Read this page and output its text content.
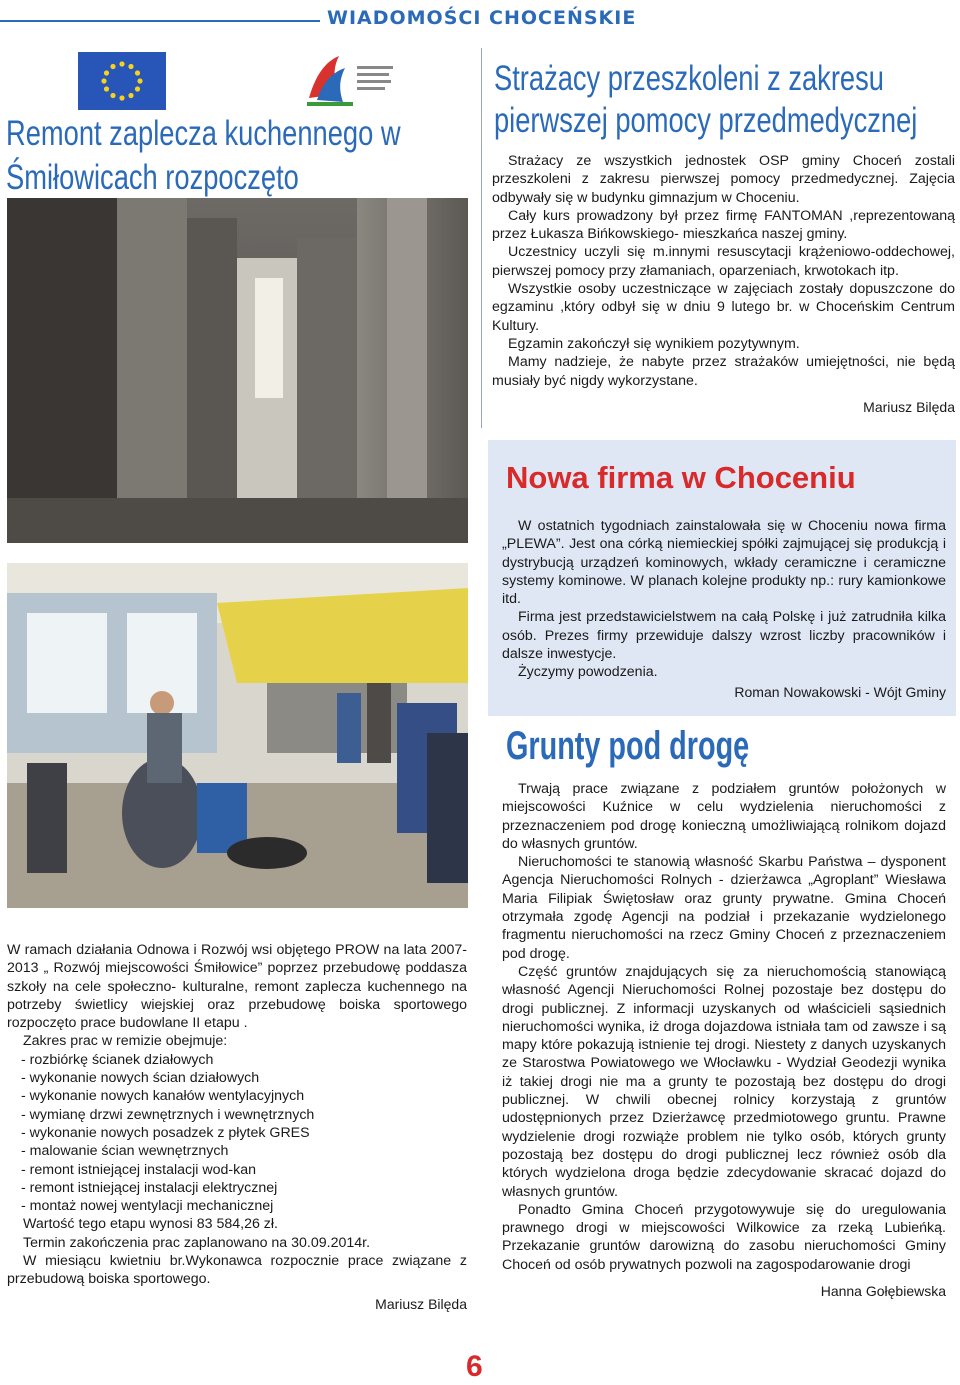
WIADOMOŚCI CHOCEŃSKIE
Remont zaplecza kuchennego w
Śmiłowicach rozpoczęto

W ramach działania Odnowa i Rozwój wsi objętego PROW na lata 2007-2013 „ Rozwój miejscowości Śmiłowice” poprzez przebudowę poddasza szkoły na cele społeczno- kulturalne, remont zaplecza kuchennego na potrzeby świetlicy wiejskiej oraz przebudowę boiska sportowego rozpoczęto prace budowlane II etapu .

Zakres prac w remizie obejmuje:

- rozbiórkę ścianek działowych
- wykonanie nowych ścian działowych
- wykonanie nowych kanałów wentylacyjnych
- wymianę drzwi zewnętrznych i wewnętrznych
- wykonanie nowych posadzek z płytek GRES
- malowanie ścian wewnętrznych
- remont istniejącej instalacji wod-kan
- remont istniejącej instalacji elektrycznej
- montaż nowej wentylacji mechanicznej

Wartość tego etapu wynosi 83 584,26 zł.

Termin zakończenia prac zaplanowano na 30.09.2014r.

W miesiącu kwietniu br.Wykonawca rozpocznie prace związane z przebudową boiska sportowego.

Mariusz Bilęda
Strażacy przeszkoleni z zakresu
pierwszej pomocy przedmedycznej

Strażacy ze wszystkich jednostek OSP gminy Choceń zostali przeszkoleni z zakresu pierwszej pomocy przedmedycznej. Zajęcia odbywały się w budynku gimnazjum w Choceniu.

Cały kurs prowadzony był przez firmę FANTOMAN ,reprezentowaną przez Łukasza Bińkowskiego- mieszkańca naszej gminy.

Uczestnicy uczyli się m.innymi resuscytacji krążeniowo-oddechowej, pierwszej pomocy przy złamaniach, oparzeniach, krwotokach itp.

Wszystkie osoby uczestniczące w zajęciach zostały dopuszczone do egzaminu ,który odbył się w dniu 9 lutego br. w Choceńskim Centrum Kultury.

Egzamin zakończył się wynikiem pozytywnym.

Mamy nadzieje, że nabyte przez strażaków umiejętności, nie będą musiały być nigdy wykorzystane.

Mariusz Bilęda
Nowa firma w Choceniu

W ostatnich tygodniach zainstalowała się w Choceniu nowa firma „PLEWA”. Jest ona córką niemieckiej spółki zajmującej się produkcją i dystrybucją urządzeń kominowych, wkłady ceramiczne i ceramiczne systemy kominowe. W planach kolejne produkty np.: rury kamionkowe itd.

Firma jest przedstawicielstwem na całą Polskę i już zatrudniła kilka osób. Prezes firmy przewiduje dalszy wzrost liczby pracowników i dalsze inwestycje.

Życzymy powodzenia.

Roman Nowakowski - Wójt Gminy
Grunty pod drogę

Trwają prace związane z podziałem gruntów położonych w miejscowości Kuźnice w celu wydzielenia nieruchomości z przeznaczeniem pod drogę konieczną umożliwiającą rolnikom dojazd do własnych gruntów.

Nieruchomości te stanowią własność Skarbu Państwa – dysponent Agencja Nieruchomości Rolnych - dzierżawca „Agroplant” Wiesława Maria Filipiak Świętosław oraz grunty prywatne. Gmina Choceń otrzymała zgodę Agencji na podział i przekazanie wydzielonego fragmentu nieruchomości na rzecz Gminy Choceń z przeznaczeniem pod drogę.

Część gruntów znajdujących się za nieruchomością stanowiącą własność Agencji Nieruchomości Rolnej pozostaje bez dostępu do drogi publicznej. Z informacji uzyskanych od właścicieli sąsiednich nieruchomości wynika, iż droga dojazdowa istniała tam od zawsze i są mapy które pokazują istnienie tej drogi. Niestety z danych uzyskanych ze Starostwa Powiatowego we Włocławku - Wydział Geodezji wynika iż takiej drogi nie ma a grunty te pozostają bez dostępu do drogi publicznej. W chwili obecnej rolnicy korzystają z gruntów udostępnionych przez Dzierżawcę przedmiotowego gruntu. Prawne wydzielenie drogi rozwiąże problem nie tylko osób, których grunty pozostają bez dostępu do drogi publicznej lecz również osób dla których wydzielona droga będzie zdecydowanie skracać dojazd do własnych gruntów.

Ponadto Gmina Choceń przygotowywuje się do uregulowania prawnego drogi w miejscowości Wilkowice za rzeką Lubieńką. Przekazanie gruntów darowizną do zasobu nieruchomości Gminy Choceń od osób prywatnych pozwoli na zagospodarowanie drogi

Hanna Gołębiewska
6
